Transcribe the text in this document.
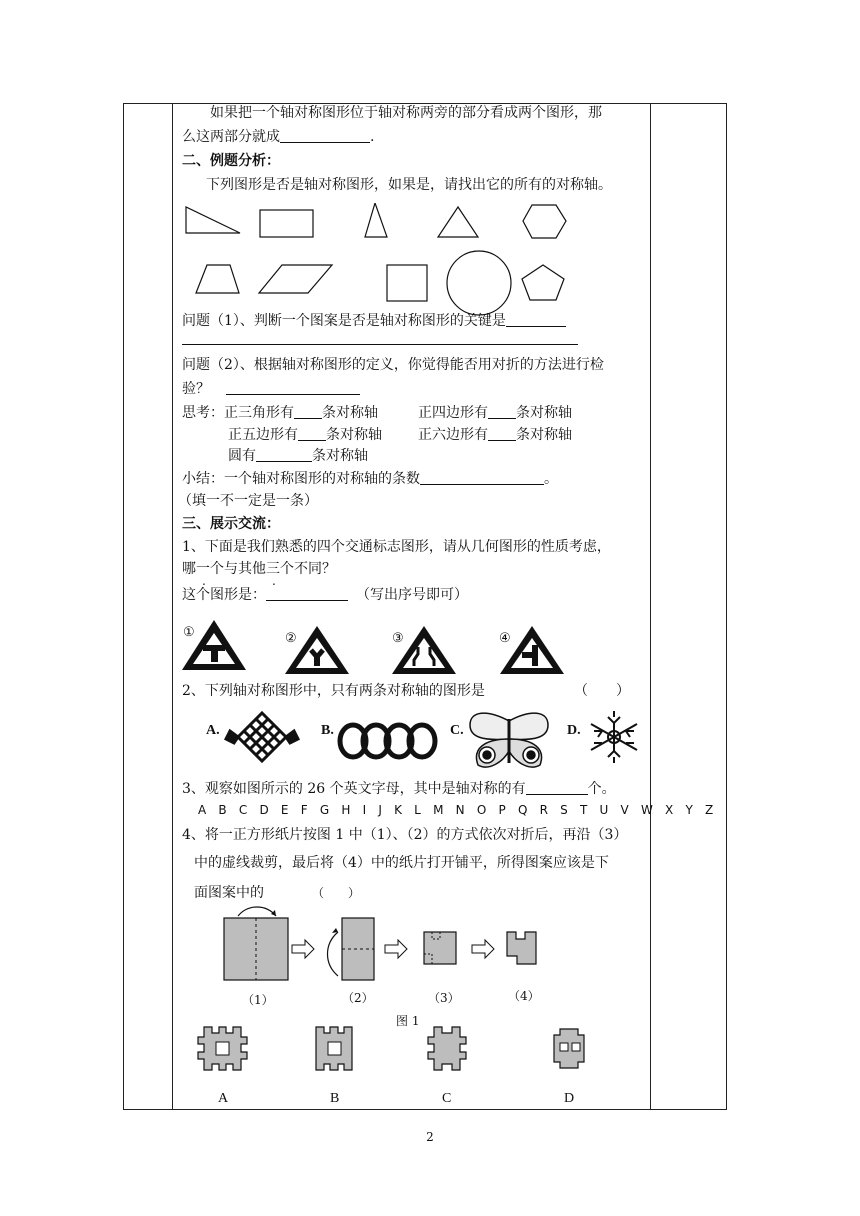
如果把一个轴对称图形位于轴对称两旁的部分看成两个图形，那
么这两部分就成	.
二、例题分析：
下列图形是否是轴对称图形，如果是，请找出它的所有的对称轴。
问题（1）、判断一个图案是否是轴对称图形的关键是
问题（2）、根据轴对称图形的定义，你觉得能否用对折的方法进行检
验？
思考：正三角形有 条对称轴	正四边形有 条对称轴
正五边形有 条对称轴	正六边形有 条对称轴
圆有	条对称轴
小结：一个轴对称图形的对称轴的条数	。
（填一不一定是一条）
三、展示交流：
1、下面是我们熟悉的四个交通标志图形，请从几何图形的性质考虑，
哪一个与其他三个不同？
这个图形是：	（写出序号即可）
①	②	③	④
2、下列轴对称图形中，只有两条对称轴的图形是	（　　）
A.	B.	C.	D.
3、观察如图所示的 26 个英文字母，其中是轴对称的有	个。
A B C D E F G H I J K L M N O P Q R S T U V W X Y Z
4、将一正方形纸片按图 1 中（1）、（2）的方式依次对折后，再沿（3）
中的虚线裁剪，最后将（4）中的纸片打开铺平，所得图案应该是下
面图案中的	（　　）
（1）	（2）	（3）	（4）
图 1
A	B	C	D
2
